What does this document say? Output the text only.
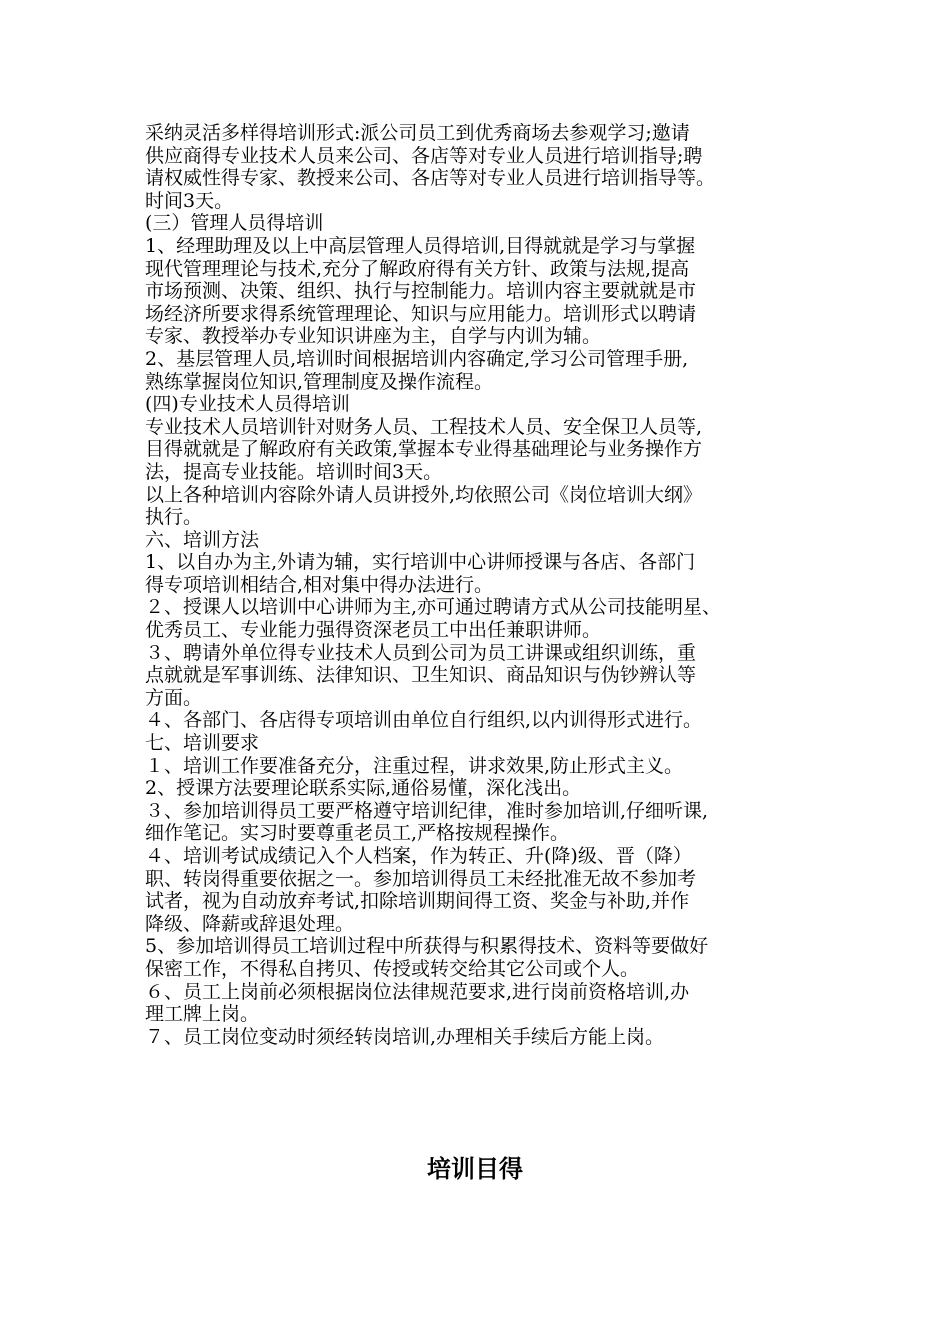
采纳灵活多样得培训形式:派公司员工到优秀商场去参观学习;邀请
供应商得专业技术人员来公司、各店等对专业人员进行培训指导;聘
请权威性得专家、教授来公司、各店等对专业人员进行培训指导等。
时间3天。
(三）管理人员得培训
1、经理助理及以上中高层管理人员得培训,目得就就是学习与掌握
现代管理理论与技术,充分了解政府得有关方针、政策与法规,提高
市场预测、决策、组织、执行与控制能力。培训内容主要就就是市
场经济所要求得系统管理理论、知识与应用能力。培训形式以聘请
专家、教授举办专业知识讲座为主，自学与内训为辅。
2、基层管理人员,培训时间根据培训内容确定,学习公司管理手册,
熟练掌握岗位知识,管理制度及操作流程。
(四)专业技术人员得培训
专业技术人员培训针对财务人员、工程技术人员、安全保卫人员等,
目得就就是了解政府有关政策,掌握本专业得基础理论与业务操作方
法，提高专业技能。培训时间3天。
以上各种培训内容除外请人员讲授外,均依照公司《岗位培训大纲》
执行。
六、培训方法
1、以自办为主,外请为辅，实行培训中心讲师授课与各店、各部门
得专项培训相结合,相对集中得办法进行。
２、授课人以培训中心讲师为主,亦可通过聘请方式从公司技能明星、
优秀员工、专业能力强得资深老员工中出任兼职讲师。
３、聘请外单位得专业技术人员到公司为员工讲课或组织训练，重
点就就是军事训练、法律知识、卫生知识、商品知识与伪钞辨认等
方面。
４、各部门、各店得专项培训由单位自行组织,以内训得形式进行。
七、培训要求
１、培训工作要准备充分，注重过程，讲求效果,防止形式主义。
2、授课方法要理论联系实际,通俗易懂，深化浅出。
３、参加培训得员工要严格遵守培训纪律，准时参加培训,仔细听课,
细作笔记。实习时要尊重老员工,严格按规程操作。
４、培训考试成绩记入个人档案，作为转正、升(降)级、晋（降）
职、转岗得重要依据之一。参加培训得员工未经批准无故不参加考
试者，视为自动放弃考试,扣除培训期间得工资、奖金与补助,并作
降级、降薪或辞退处理。
5、参加培训得员工培训过程中所获得与积累得技术、资料等要做好
保密工作，不得私自拷贝、传授或转交给其它公司或个人。
６、员工上岗前必须根据岗位法律规范要求,进行岗前资格培训,办
理工牌上岗。
７、员工岗位变动时须经转岗培训,办理相关手续后方能上岗。
培训目得
